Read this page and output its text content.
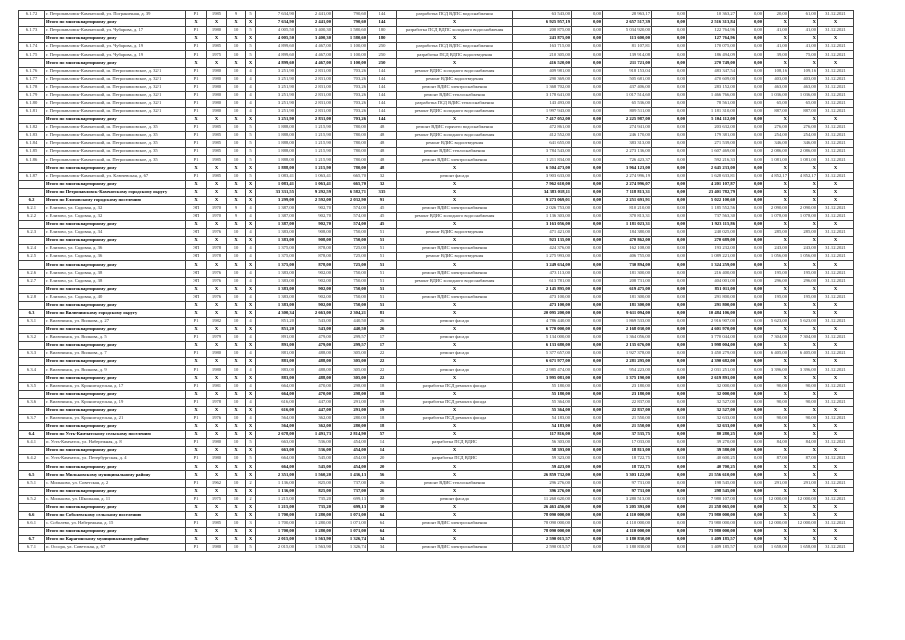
6.1.72	г. Петропавловск-Камчатский, ул. Пограничная, д. 39	Р1	1985	9	5	7 634,90	2 441,00	790,60	144	разработка ПСД ВДПС водоснабжения	63 543,00	0,00	28 963,17	0,00	10 363,27	0,00	20,00	61,00	31.12.2021
	Итого по многоквартирному дому	Х	Х	Х	Х	7 634,90	2 441,00	790,60	144	Х	6 925 957,19	0,00	2 657 517,39	0,00	2 516 313,84	0,00	Х	Х	Х
6.1.73	г. Петропавловск-Камчатский, ул. Чубарова, д. 17	Р1	1980	10	5	4 005,50	3 400,30	1 580,60	180	разработка ПСД ВДПС холодного водоснабжения	200 875,00	0,00	5 034 920,00	0,00	122 764,96	0,00	41,00	41,00	31.12.2021
	Итого по многоквартирному дому	Х	Х	Х	Х	4 005,50	3 400,30	1 580,60	180	Х	243 875,00	0,00	113 600,00	0,00	127 764,96	0,00	Х	Х	Х
6.1.74	г. Петропавловск-Камчатский, ул. Чубарова, д. 19	Р1	1985	10	5	4 899,60	4 467,00	1 100,00	250	разработка ПСД ВДПС водоснабжения	163 715,00	0,00	81 107,81	0,00	170 075,00	0,00	41,00	41,00	31.12.2021
6.1.75	г. Петропавловск-Камчатский, ул. Чубарова, д. 19	Р1	1975	10	5	4 899,60	4 467,00	1 100,00	250	разработка ПСД ВДПС водоотведения	210 305,00	0,00	139 914,08	0,00	186 494,09	0,00	39,00	75,00	31.12.2021
	Итого по многоквартирному дому	Х	Х	Х	Х	4 899,60	4 467,00	1 100,00	250	Х	416 520,00	0,00	211 721,00	0,00	270 749,00	0,00	Х	Х	Х
6.1.76	г. Петропавловск-Камчатский, ш. Петропавловское, д. 32/1	Р1	1980	10	4	3 251,90	2 831,00	703,26	144	ремонт ВДИС холодного водоснабжения	409 981,00	0,00	918 153,04	0,00	483 347,54	0,00	108,16	109,16	31.12.2021
6.1.77	г. Петропавловск-Камчатский, ш. Петропавловское, д. 32/1	Р1	1980	10	4	3 251,90	2 831,00	703,26	144	ремонт ВДИС водоотведения	290 369,00	0,00	505 681,00	0,00	470 609,00	0,00	403,00	403,00	31.12.2021
6.1.78	г. Петропавловск-Камчатский, ш. Петропавловское, д. 32/1	Р1	1980	10	4	3 251,90	2 831,00	703,26	144	ремонт ВДИС электроснабжения	1 368 702,00	0,00	437 406,00	0,00	283 152,00	0,00	463,00	463,00	31.12.2021
6.1.79	г. Петропавловск-Камчатский, ш. Петропавловское, д. 32/1	Р1	1980	10	4	3 251,90	2 831,00	703,26	144	ремонт ВДИС теплоснабжения	3 178 641,00	0,00	1 017 514,60	0,00	1 466 766,00	0,00	1 036,00	1 036,00	31.12.2021
6.1.80	г. Петропавловск-Камчатский, ш. Петропавловское, д. 32/1	Р1	1980	10	4	3 251,90	2 831,00	703,26	144	разработка ПСД ВДИС теплоснабжения	143 493,00	0,00	65 536,00	0,00	78 561,00	0,00	65,00	65,00	31.12.2021
6.1.81	г. Петропавловск-Камчатский, ш. Петропавловское, д. 32/1	Р1	1980	10	4	3 251,90	2 831,00	703,26	144	ремонт ВДИС холодного водоснабжения	1 997 943,00	0,00	809 511,00	0,00	1 181 310,00	0,00	887,00	887,00	31.12.2021
	Итого по многоквартирному дому	Х	Х	Х	Х	3 251,90	2 831,00	703,26	144	Х	7 417 052,00	0,00	2 225 987,00	0,00	5 104 112,00	0,00	Х	Х	Х
6.1.82	г. Петропавловск-Камчатский, ш. Петропавловское, д. 35	Р1	1985	10	5	1 888,00	1 215,90	780,00	48	ремонт ВДИС горячего водоснабжения	472 861,00	0,00	274 941,00	0,00	203 632,00	0,00	276,00	276,00	31.12.2021
6.1.83	г. Петропавловск-Камчатский, ш. Петропавловское, д. 35	Р1	1985	10	5	1 888,00	1 215,90	780,00	48	ремонт ВДИС холодного водоснабжения	412 552,00	0,00	246 170,00	0,00	179 381,00	0,00	254,00	254,00	31.12.2021
6.1.84	г. Петропавловск-Камчатский, ш. Петропавловское, д. 35	Р1	1985	10	5	1 888,00	1 215,90	780,00	48	ремонт ВДИС водоотведения	641 655,00	0,00	383 313,00	0,00	271 539,00	0,00	346,00	346,00	31.12.2021
6.1.85	г. Петропавловск-Камчатский, ш. Петропавловское, д. 35	Р1	1985	10	5	1 888,00	1 215,90	780,00	48	ремонт ВДИС теплоснабжения	3 784 543,00	0,00	2 273 136,00	0,00	1 607 469,00	0,00	2 086,00	2 086,00	31.12.2021
6.1.86	г. Петропавловск-Камчатский, ш. Петропавловское, д. 35	Р1	1985	10	5	1 888,00	1 215,90	780,00	48	ремонт ВДИС электроснабжения	1 211 834,00	0,00	726 423,37	0,00	592 216,33	0,00	1 081,00	1 081,00	31.12.2021
	Итого по многоквартирному дому	Х	Х	Х	Х	1 888,00	1 215,90	780,00	48	Х	6 504 473,00	0,00	3 964 123,00	0,00	2 645 233,00	0,00	Х	Х	Х
6.1.87	г. Петропавловск-Камчатский, ул. Ключевская, д. 67	Р1	1985	10	5	1 083,41	1 063,41	665,70	32	ремонт фасада	3 903 633,00	0,00	2 274 996,19	0,00	1 628 633,81	0,00	4 852,17	4 852,17	31.12.2021
	Итого по многоквартирному дому	Х	Х	Х	Х	1 083,41	1 063,41	665,70	32	Х	7 962 610,00	0,00	2 274 996,07	0,00	4 201 107,87	0,00	Х	Х	Х
	Итого по Петропавловск-Камчатскому городскому округу	Х	Х	Х	Х	33 331,55	9 292,59	6 582,71	335	Х	34 383 018,11	0,00	7 118 813,31	0,00	23 401 782,79	0,00	Х	Х	Х
6.2	Итого по Елизовскому городскому поселению	Х	Х	Х	Х	3 299,00	2 592,00	2 032,90	91	Х	9 273 069,01	0,00	2 251 691,91	0,00	5 022 100,60	0,00	Х	Х	Х
6.2.1	г. Елизово, ул. Садовая, д. 32	ЭП	1970	9	4	1 387,00	902,70	574,00	45	ремонт ВДИС электроснабжения	2 026 753,00	0,00	810 210,00	0,00	1 185 552,56	0,00	2 090,00	2 090,00	31.12.2021
6.2.2	г. Елизово, ул. Садовая, д. 32	ЭП	1970	9	4	1 387,00	902,70	574,00	45	ремонт ВДИС холодного водоснабжения	1 136 303,00	0,00	370 813,31	0,00	737 563,30	0,00	1 078,00	1 078,00	31.12.2021
	Итого по многоквартирному дому	Х	Х	Х	Х	1 387,00	902,70	574,00	45	Х	3 163 056,00	0,00	1 181 023,31	0,00	1 923 115,86	0,00	Х	Х	Х
6.2.3	г. Елизово, ул. Садовая, д. 34	ЭП	1976	10	4	1 383,00	908,00	750,00	51	ремонт ВДИС водоотведения	471 421,00	0,00	184 380,00	0,00	240 025,00	0,00	285,00	285,00	31.12.2021
	Итого по многоквартирному дому	Х	Х	Х	Х	1 383,00	908,00	750,00	51	Х	923 135,00	0,00	470 862,00	0,00	270 689,00	0,00	Х	Х	Х
6.2.4	г. Елизово, ул. Садовая, д. 36	ЭП	1978	10	4	1 375,00	878,00	725,00	51	ремонт ВДИС электроснабжения	424 376,00	0,00	162 108,00	0,00	193 232,00	0,00	243,00	243,00	31.12.2021
6.2.5	г. Елизово, ул. Садовая, д. 36	ЭП	1978	10	4	1 375,00	878,00	725,00	51	ремонт ВДИС водоотведения	1 275 993,00	0,00	406 755,00	0,00	1 089 221,00	0,00	1 056,00	1 056,00	31.12.2021
	Итого по многоквартирному дому	Х	Х	Х	Х	1 375,00	878,00	725,00	51	Х	3 249 634,00	0,00	730 894,00	0,00	1 324 259,00	0,00	Х	Х	Х
6.2.6	г. Елизово, ул. Садовая, д. 38	ЭП	1976	10	4	1 383,00	902,00	750,00	51	ремонт ВДИС электроснабжения	473 113,00	0,00	181 300,00	0,00	216 400,00	0,00	195,00	195,00	31.12.2021
6.2.7	г. Елизово, ул. Садовая, д. 38	ЭП	1976	10	4	1 383,00	902,00	750,00	51	ремонт ВДИС холодного водоснабжения	613 781,00	0,00	208 731,00	0,00	404 001,00	0,00	296,00	296,00	31.12.2021
	Итого по многоквартирному дому	Х	Х	Х	Х	1 383,00	902,00	750,00	51	Х	2 145 895,00	0,00	619 475,00	0,00	851 011,00	0,00	Х	Х	Х
6.2.8	г. Елизово, ул. Садовая, д. 40	ЭП	1976	10	4	1 383,00	902,00	750,00	51	ремонт ВДИС электроснабжения	473 100,00	0,00	181 300,00	0,00	291 800,00	0,00	195,00	195,00	31.12.2021
	Итого по многоквартирному дому	Х	Х	Х	Х	1 383,00	902,00	750,00	51	Х	473 100,00	0,00	181 300,00	0,00	291 800,00	0,00	Х	Х	Х
6.3	Итого по Вилючинскому городскому округу	Х	Х	Х	Х	4 300,34	2 663,00	2 304,21	81	Х	20 095 200,00	0,00	9 611 094,00	0,00	10 484 106,00	0,00	Х	Х	Х
6.3.1	г. Вилючинск, ул. Вилкова, д. 27	Р1	1982	10	4	851,20	543,00	440,50	26	ремонт фасада	4 786 440,00	0,00	1 869 533,00	0,00	2 916 907,00	0,00	5 623,00	5 623,00	31.12.2021
	Итого по многоквартирному дому	Х	Х	Х	Х	851,20	543,00	440,50	26	Х	6 770 000,00	0,00	2 168 030,00	0,00	4 601 970,00	0,00	Х	Х	Х
6.3.2	г. Вилючинск, ул. Вилкова, д. 5	Р1	1979	10	4	891,00	479,00	299,57	17	ремонт фасада	5 134 000,00	0,00	1 364 056,00	0,00	3 770 044,00	0,00	7 304,00	7 304,00	31.12.2021
	Итого по многоквартирному дому	Х	Х	Х	Х	891,00	479,00	299,57	17	Х	6 133 680,00	0,00	2 135 676,00	0,00	3 998 004,00	0,00	Х	Х	Х
6.3.3	г. Вилючинск, ул. Вилкова, д. 7	Р1	1980	10	4	881,00	488,00	305,00	22	ремонт фасада	5 377 657,00	0,00	1 927 378,00	0,00	3 450 279,00	0,00	6 405,00	6 405,00	31.12.2021
	Итого по многоквартирному дому	Х	Х	Х	Х	881,00	488,00	305,00	22	Х	6 671 977,00	0,00	2 281 295,00	0,00	4 390 682,00	0,00	Х	Х	Х
6.3.4	г. Вилючинск, ул. Вилкова, д. 9	Р1	1980	10	4	883,00	488,00	305,00	22	ремонт фасада	2 985 474,00	0,00	954 223,00	0,00	2 031 251,00	0,00	3 396,00	3 396,00	31.12.2021
	Итого по многоквартирному дому	Х	Х	Х	Х	883,00	488,00	305,00	22	Х	3 995 081,00	0,00	1 375 190,00	0,00	2 619 891,00	0,00	Х	Х	Х
6.3.5	г. Вилючинск, ул. Кронштадтская, д. 17	Р1	1981	10	4	664,00	470,00	298,00	18	разработка ПСД ремонта фасада	55 180,00	0,00	23 180,00	0,00	32 000,00	0,00	90,00	90,00	31.12.2021
	Итого по многоквартирному дому	Х	Х	Х	Х	664,00	470,00	298,00	18	Х	55 180,00	0,00	23 180,00	0,00	32 000,00	0,00	Х	Х	Х
6.3.6	г. Вилючинск, ул. Кронштадтская, д. 19	Р1	1978	10	4	616,00	447,00	291,00	19	разработка ПСД ремонта фасада	55 364,00	0,00	22 837,00	0,00	32 527,00	0,00	90,00	90,00	31.12.2021
	Итого по многоквартирному дому	Х	Х	Х	Х	616,00	447,00	291,00	19	Х	55 364,00	0,00	22 837,00	0,00	32 527,00	0,00	Х	Х	Х
6.3.7	г. Вилючинск, ул. Кронштадтская, д. 21	Р1	1976	10	4	564,00	362,00	280,00	18	разработка ПСД ремонта фасада	54 183,00	0,00	21 550,00	0,00	32 633,00	0,00	90,00	90,00	31.12.2021
	Итого по многоквартирному дому	Х	Х	Х	Х	564,00	362,00	280,00	18	Х	54 183,00	0,00	21 550,00	0,00	32 633,00	0,00	Х	Х	Х
6.4	Итого по Усть-Камчатскому сельскому поселению	Х	Х	Х	Х	2 678,00	1 491,73	2 814,90	57	Х	117 816,00	0,00	37 535,75	0,00	80 280,25	0,00	Х	Х	Х
6.4.1	п. Усть-Камчатск, ул. Набережная, д. 8	Р1	1980	10	5	663,00	536,00	454,00	14	разработка ПСД ВДИС	56 303,00	0,00	17 033,00	0,00	39 270,00	0,00	84,00	84,00	31.12.2021
	Итого по многоквартирному дому	Х	Х	Х	Х	663,00	536,00	454,00	14	Х	58 393,00	0,00	18 813,00	0,00	39 580,00	0,00	Х	Х	Х
6.4.2	п. Усть-Камчатск, ул. Петербургская, д. 4	Р1	1980	10	5	664,00	545,00	454,00	20	разработка ПСД ВДИС	59 323,00	0,00	18 722,75	0,00	40 600,25	0,00	87,00	87,00	31.12.2021
	Итого по многоквартирному дому	Х	Х	Х	Х	664,00	545,00	454,00	20	Х	59 423,00	0,00	18 722,75	0,00	40 700,25	0,00	Х	Х	Х
6.5	Итого по Мильковскому муниципальному району	Х	Х	Х	Х	2 351,00	1 560,20	1 436,13	56	Х	26 859 732,00	0,00	5 303 122,00	0,00	21 556 610,00	0,00	Х	Х	Х
6.5.1	с. Мильково, ул. Советская, д. 2	Р1	1962	10	2	1 136,00	825,00	737,00	26	ремонт ВДИС теплоснабжения	296 276,00	0,00	97 731,00	0,00	198 545,00	0,00	291,00	291,00	31.12.2021
	Итого по многоквартирному дому	Х	Х	Х	Х	1 136,00	825,00	737,00	26	Х	396 276,00	0,00	97 731,00	0,00	298 545,00	0,00	Х	Х	Х
6.5.2	с. Мильково, ул. Школьная, д. 11	Р1	1975	10	2	1 215,00	735,20	699,13	30	ремонт фасада	11 260 620,00	0,00	3 280 513,00	0,00	7 980 107,00	0,00	12 000,00	12 000,00	31.12.2021
	Итого по многоквартирному дому	Х	Х	Х	Х	1 215,00	735,20	699,13	30	Х	26 463 456,00	0,00	5 205 391,00	0,00	21 258 065,00	0,00	Х	Х	Х
6.6	Итого по Соболевскому сельскому поселению	Х	Х	Х	Х	1 700,00	1 280,00	1 071,00	64	Х	78 090 000,00	0,00	4 110 000,00	0,00	73 980 000,00	0,00	Х	Х	Х
6.6.1	с. Соболево, ул. Набережная, д. 15	Р1	1985	10	3	1 700,00	1 280,00	1 071,00	64	ремонт ВДИС электроснабжения	78 090 000,00	0,00	4 110 000,00	0,00	73 980 000,00	0,00	12 000,00	12 000,00	31.12.2021
	Итого по многоквартирному дому	Х	Х	Х	Х	1 700,00	1 280,00	1 071,00	64	Х	78 090 000,00	0,00	4 110 000,00	0,00	73 980 000,00	0,00	Х	Х	Х
6.7	Итого по Карагинскому муниципальному району	Х	Х	Х	Х	2 015,00	1 563,90	1 326,74	34	Х	2 590 015,57	0,00	1 180 830,00	0,00	1 409 185,57	0,00	Х	Х	Х
6.7.1	п. Оссора, ул. Советская, д. 67	Р1	1980	10	5	2 015,00	1 563,90	1 326,74	34	ремонт ВДИС электроснабжения	2 590 015,57	0,00	1 180 830,00	0,00	1 409 185,57	0,00	1 658,00	1 658,00	31.12.2021
